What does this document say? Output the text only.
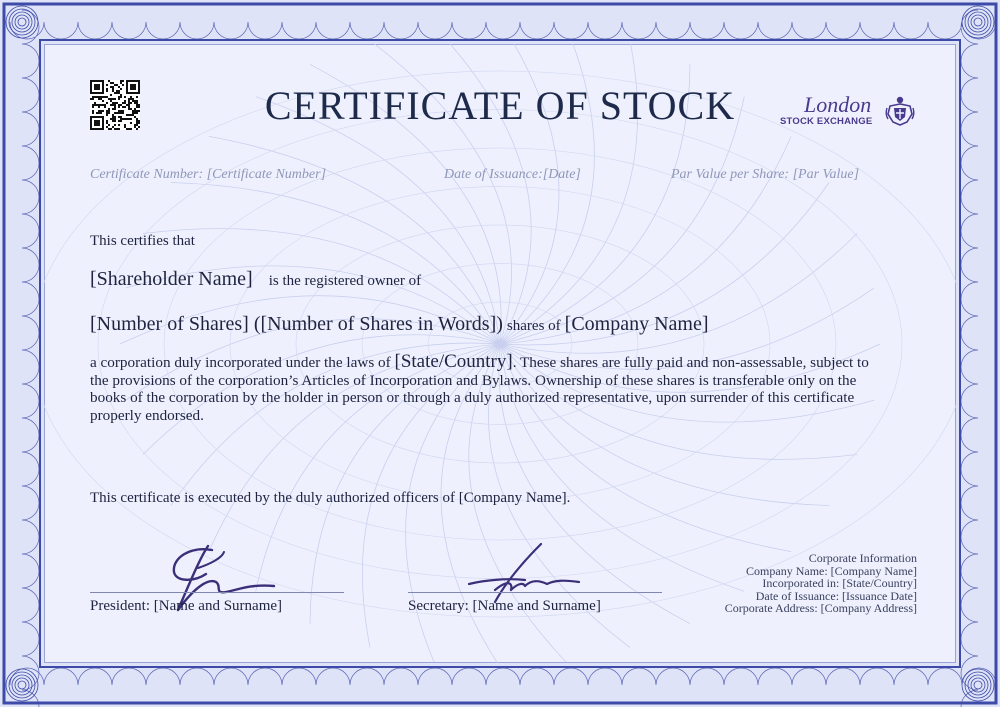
CERTIFICATE OF STOCK	London
STOCK EXCHANGE
Certificate Number: [Certificate Number]	Date of Issuance:[Date]	Par Value per Share: [Par Value]
This certifies that
[Shareholder Name] is the registered owner of
[Number of Shares] ([Number of Shares in Words]) shares of [Company Name]
a corporation duly incorporated under the laws of [State/Country]. These shares are fully paid and non-assessable, subject to the provisions of the corporation’s Articles of Incorporation and Bylaws. Ownership of these shares is transferable only on the books of the corporation by the holder in person or through a duly authorized representative, upon surrender of this certificate properly endorsed.
This certificate is executed by the duly authorized officers of [Company Name].
President: [Name and Surname]	Secretary: [Name and Surname]
Corporate Information
Company Name: [Company Name]
Incorporated in: [State/Country]
Date of Issuance: [Issuance Date]
Corporate Address: [Company Address]
